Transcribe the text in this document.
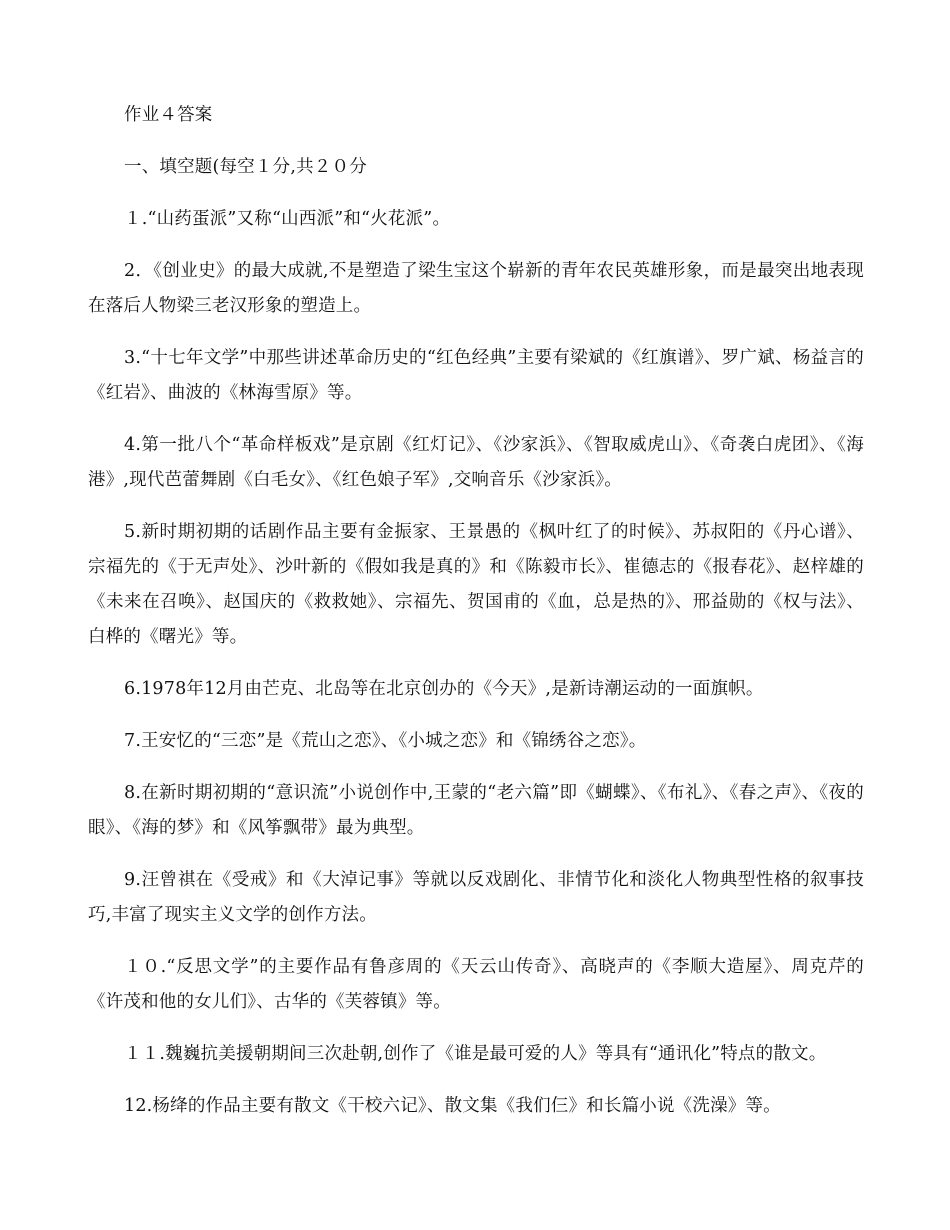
作业４答案

一、填空题(每空１分,共２０分

１.“山药蛋派”又称“山西派”和“火花派”。

2．《创业史》的最大成就,不是塑造了梁生宝这个崭新的青年农民英雄形象，而是最突出地表现在落后人物梁三老汉形象的塑造上。

3.“十七年文学”中那些讲述革命历史的“红色经典”主要有梁斌的《红旗谱》、罗广斌、杨益言的《红岩》、曲波的《林海雪原》等。

4.第一批八个“革命样板戏”是京剧《红灯记》、《沙家浜》、《智取威虎山》、《奇袭白虎团》、《海港》,现代芭蕾舞剧《白毛女》、《红色娘子军》,交响音乐《沙家浜》。

5.新时期初期的话剧作品主要有金振家、王景愚的《枫叶红了的时候》、苏叔阳的《丹心谱》、宗福先的《于无声处》、沙叶新的《假如我是真的》和《陈毅市长》、崔德志的《报春花》、赵梓雄的《未来在召唤》、赵国庆的《救救她》、宗福先、贺国甫的《血，总是热的》、邢益勋的《权与法》、白桦的《曙光》等。

6.1978年12月由芒克、北岛等在北京创办的《今天》,是新诗潮运动的一面旗帜。

7.王安忆的“三恋”是《荒山之恋》、《小城之恋》和《锦绣谷之恋》。

8.在新时期初期的“意识流”小说创作中,王蒙的“老六篇”即《蝴蝶》、《布礼》、《春之声》、《夜的眼》、《海的梦》和《风筝飘带》最为典型。

9.汪曾祺在《受戒》和《大淖记事》等就以反戏剧化、非情节化和淡化人物典型性格的叙事技巧,丰富了现实主义文学的创作方法。

１０.“反思文学”的主要作品有鲁彦周的《天云山传奇》、高晓声的《李顺大造屋》、周克芹的《许茂和他的女儿们》、古华的《芙蓉镇》等。

１１.魏巍抗美援朝期间三次赴朝,创作了《谁是最可爱的人》等具有“通讯化”特点的散文。

12.杨绛的作品主要有散文《干校六记》、散文集《我们仨》和长篇小说《洗澡》等。
